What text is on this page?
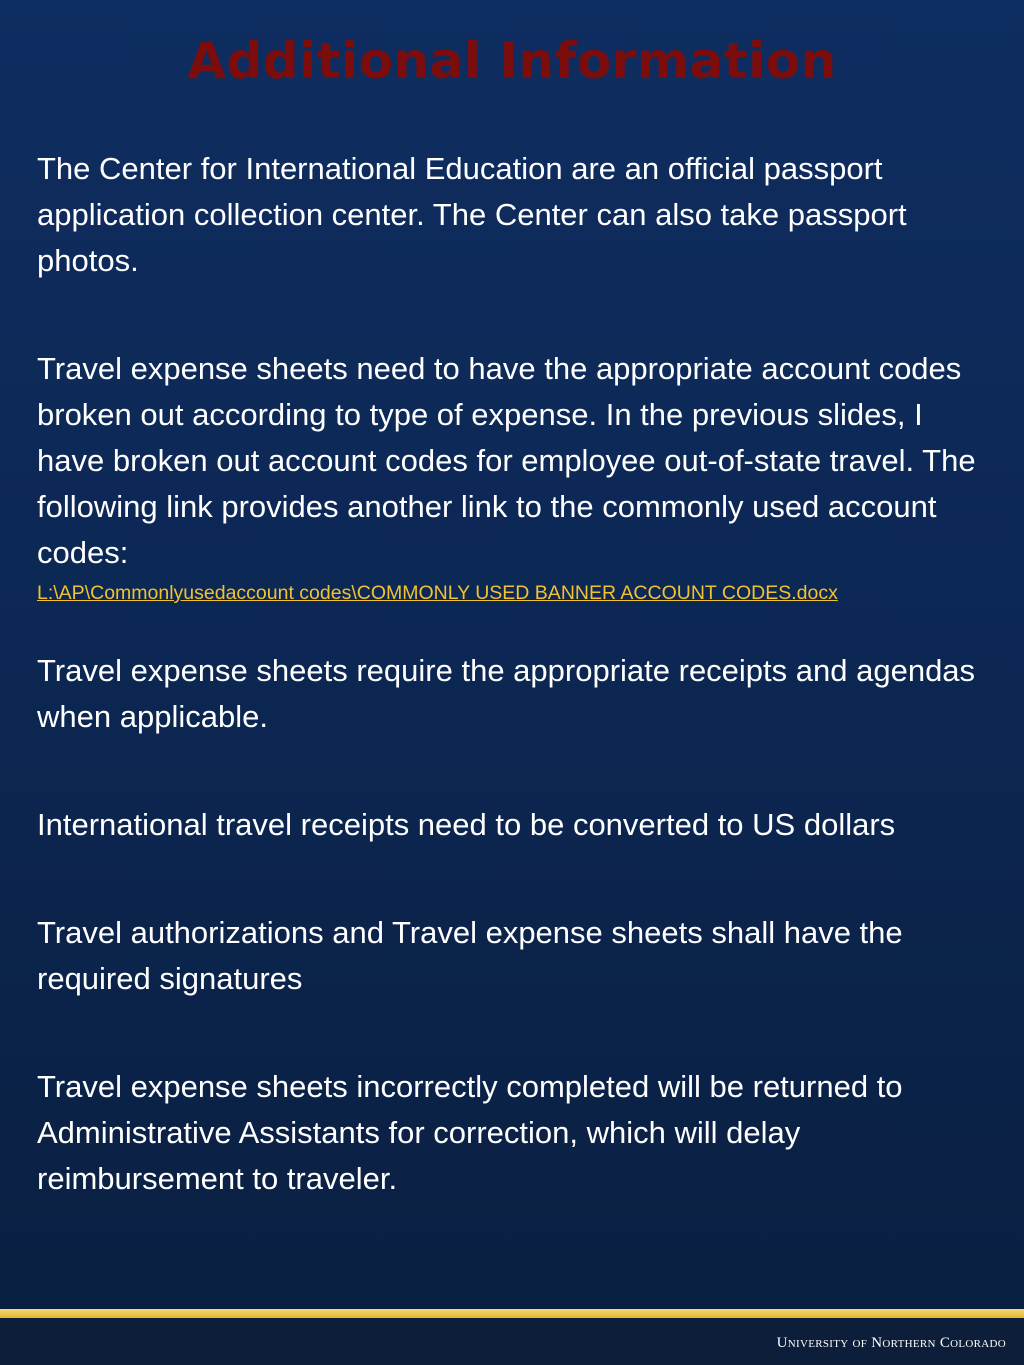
Additional Information

The Center for International Education are an official passport application collection center. The Center can also take passport photos.

Travel expense sheets need to have the appropriate account codes broken out according to type of expense. In the previous slides, I have broken out account codes for employee out-of-state travel. The following link provides another link to the commonly used account codes:
L:\AP\Commonlyusedaccount codes\COMMONLY USED BANNER ACCOUNT CODES.docx

Travel expense sheets require the appropriate receipts and agendas when applicable.

International travel receipts need to be converted to US dollars

Travel authorizations and Travel expense sheets shall have the required signatures

Travel expense sheets incorrectly completed will be returned to Administrative Assistants for correction, which will delay reimbursement to traveler.

University of Northern Colorado
